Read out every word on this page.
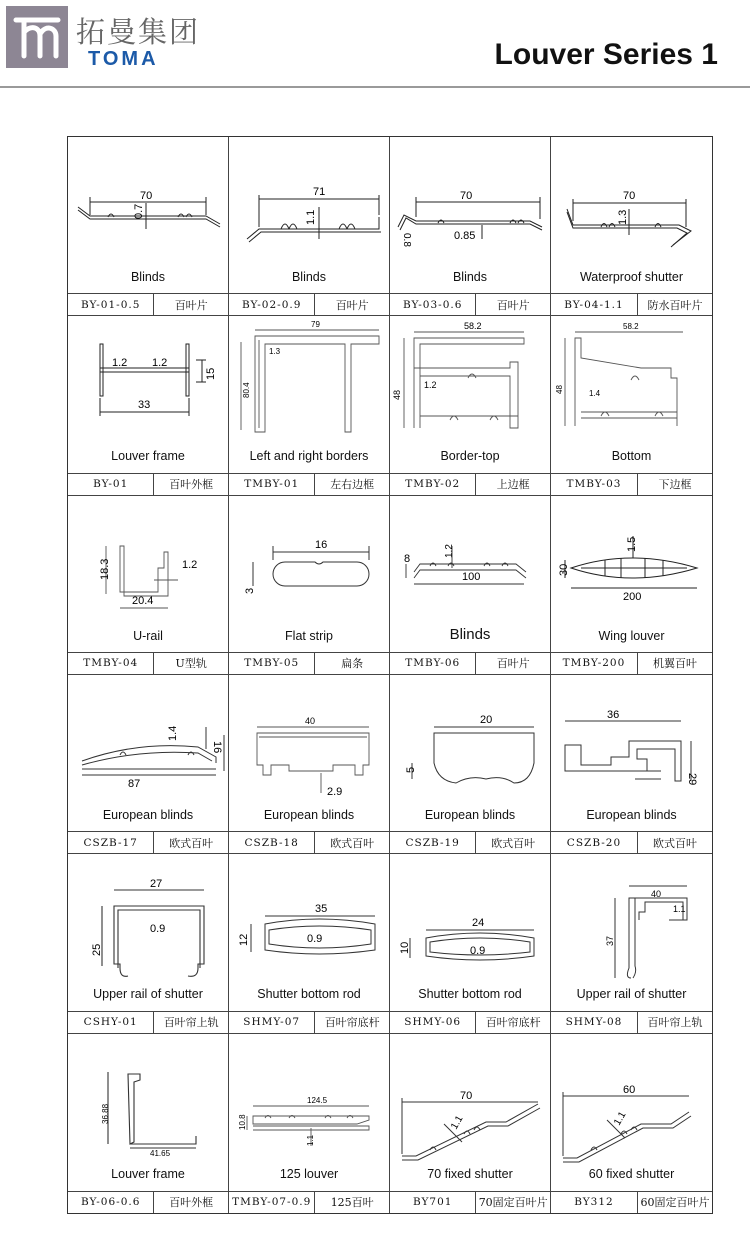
拓曼集团
TOMA	Louver Series 1
70
0.7
Blinds
BY-01-0.5	百叶片
71
1.1
Blinds
BY-02-0.9	百叶片
70
0.8	0.85
Blinds
BY-03-0.6	百叶片
70
1.3
Waterproof shutter
BY-04-1.1	防水百叶片
1.2 1.2
15
33
Louver frame
BY-01	百叶外框
79
1.3
80.4
Left and right borders
TMBY-01	左右边框
58.2
48
1.2
Border-top
TMBY-02	上边框
58.2
48	1.4
Bottom
TMBY-03	下边框
18.3	1.2
20.4
U-rail
TMBY-04	U型轨
16
3
Flat strip
TMBY-05	扁条
8
1.2
100
Blinds
TMBY-06	百叶片
30
1.5
200
Wing louver
TMBY-200	机翼百叶
1.4
16
87
European blinds
CSZB-17	欧式百叶
40
2.9
European blinds
CSZB-18	欧式百叶
20
5
European blinds
CSZB-19	欧式百叶
36
29
European blinds
CSZB-20	欧式百叶
27
0.9
25
Upper rail of shutter
CSHY-01	百叶帘上轨
35
12	0.9
Shutter bottom rod
SHMY-07	百叶帘底杆
24
10	0.9
Shutter bottom rod
SHMY-06	百叶帘底杆
40
1.1
37
Upper rail of shutter
SHMY-08	百叶帘上轨
36.88
41.65
Louver frame
BY-06-0.6	百叶外框
124.5
10.8
1.1
125 louver
TMBY-07-0.9	125百叶
70
1.1
70 fixed shutter
BY701	70固定百叶片
60
1.1
60 fixed shutter
BY312	60固定百叶片
